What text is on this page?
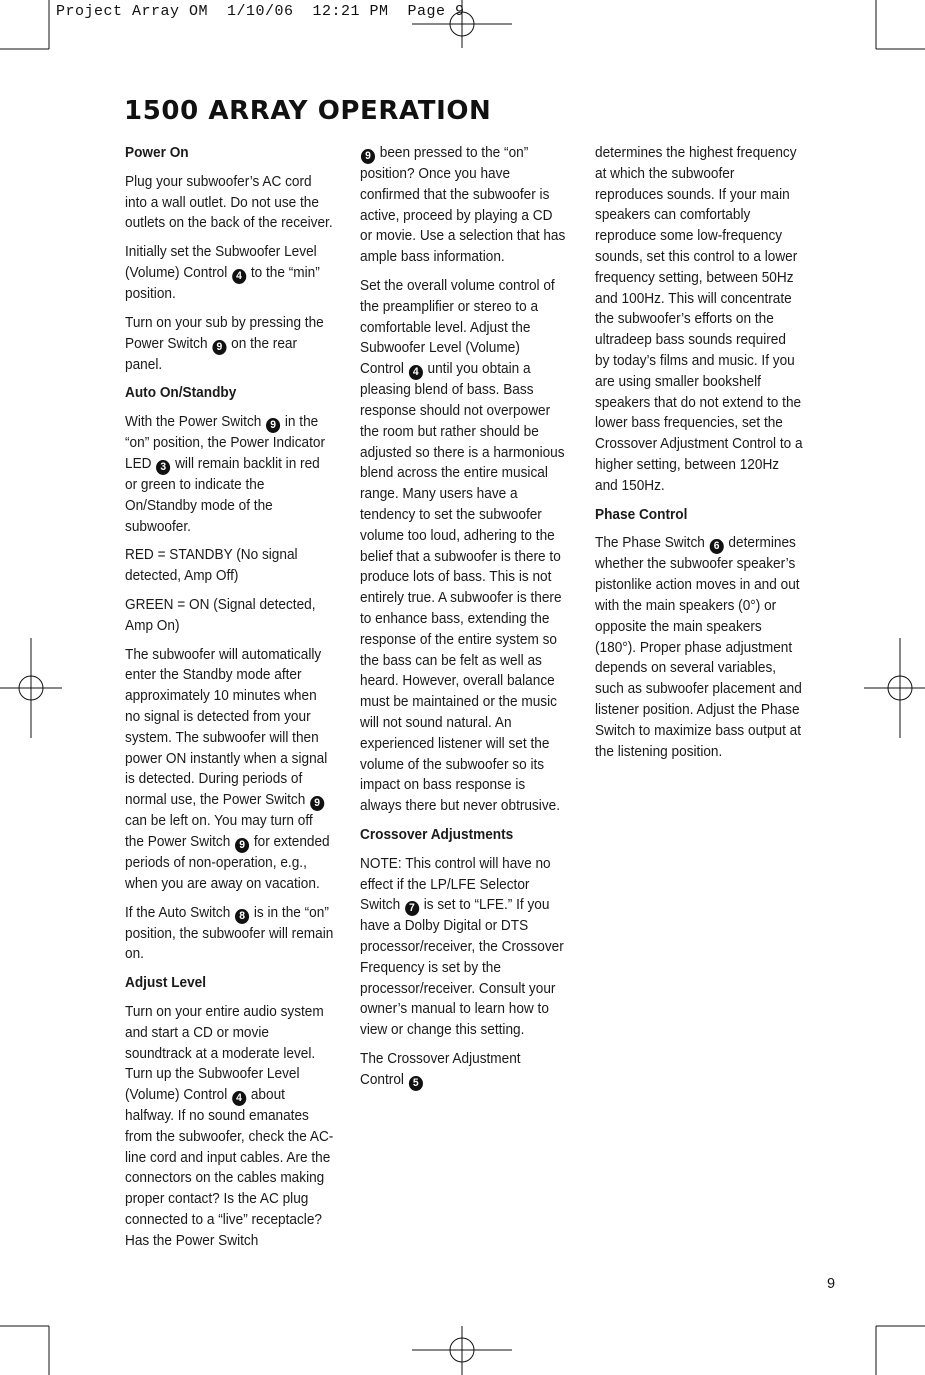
Project Array OM  1/10/06  12:21 PM  Page 9
1500 ARRAY OPERATION
Power On

Plug your subwoofer’s AC cord into a wall outlet. Do not use the outlets on the back of the receiver.

Initially set the Subwoofer Level (Volume) Control 4 to the “min” position.

Turn on your sub by pressing the Power Switch 9 on the rear panel.

Auto On/Standby

With the Power Switch 9 in the “on” position, the Power Indicator LED 3 will remain backlit in red or green to indicate the On/Standby mode of the subwoofer.

RED = STANDBY (No signal detected, Amp Off)

GREEN = ON (Signal detected, Amp On)

The subwoofer will automatically enter the Standby mode after approximately 10 minutes when no signal is detected from your system. The subwoofer will then power ON instantly when a signal is detected. During periods of normal use, the Power Switch 9 can be left on. You may turn off the Power Switch 9 for extended periods of non-operation, e.g., when you are away on vacation.

If the Auto Switch 8 is in the “on” position, the subwoofer will remain on.

Adjust Level

Turn on your entire audio system and start a CD or movie soundtrack at a moderate level. Turn up the Subwoofer Level (Volume) Control 4 about halfway. If no sound emanates from the subwoofer, check the AC-line cord and input cables. Are the connectors on the cables making proper contact? Is the AC plug connected to a “live” receptacle? Has the Power Switch

9 been pressed to the “on” position? Once you have confirmed that the subwoofer is active, proceed by playing a CD or movie. Use a selection that has ample bass information.

Set the overall volume control of the preamplifier or stereo to a comfortable level. Adjust the Subwoofer Level (Volume) Control 4 until you obtain a pleasing blend of bass. Bass response should not overpower the room but rather should be adjusted so there is a harmonious blend across the entire musical range. Many users have a tendency to set the subwoofer volume too loud, adhering to the belief that a subwoofer is there to produce lots of bass. This is not entirely true. A subwoofer is there to enhance bass, extending the response of the entire system so the bass can be felt as well as heard. However, overall balance must be maintained or the music will not sound natural. An experienced listener will set the volume of the subwoofer so its impact on bass response is always there but never obtrusive.

Crossover Adjustments

NOTE: This control will have no effect if the LP/LFE Selector Switch 7 is set to “LFE.” If you have a Dolby Digital or DTS processor/receiver, the Crossover Frequency is set by the processor/receiver. Consult your owner’s manual to learn how to view or change this setting.

The Crossover Adjustment Control 5

determines the highest frequency at which the subwoofer reproduces sounds. If your main speakers can comfortably reproduce some low-frequency sounds, set this control to a lower frequency setting, between 50Hz and 100Hz. This will concentrate the subwoofer’s efforts on the ultradeep bass sounds required by today’s films and music. If you are using smaller bookshelf speakers that do not extend to the lower bass frequencies, set the Crossover Adjustment Control to a higher setting, between 120Hz and 150Hz.

Phase Control

The Phase Switch 6 determines whether the subwoofer speaker’s pistonlike action moves in and out with the main speakers (0°) or opposite the main speakers (180°). Proper phase adjustment depends on several variables, such as subwoofer placement and listener position. Adjust the Phase Switch to maximize bass output at the listening position.

9
